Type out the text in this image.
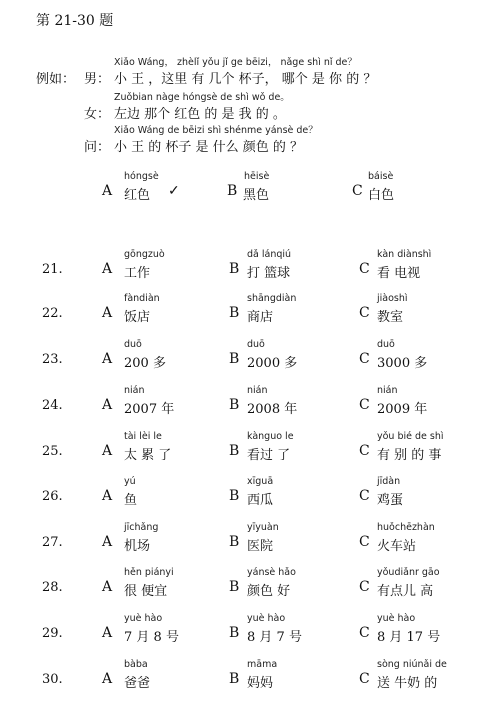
第 21-30 题
例如：
Xiǎo Wáng， zhèlǐ yǒu jǐ ge bēizi， nǎge shì nǐ de？
男： 小 王 ，这里 有 几个 杯子， 哪个 是 你 的 ？
Zuǒbian nàge hóngsè de shì wǒ de。
女： 左边 那个 红色 的 是 我 的 。
Xiǎo Wáng de bēizi shì shénme yánsè de？
问： 小 王 的 杯子 是 什么 颜色 的 ？
hóngsè
A 红色 ✓
hēisè
B 黑色
báisè
C 白色
21.
gōngzuò
A 工作
dǎ lánqiú
B 打 篮球
kàn diànshì
C 看 电视
22.
fàndiàn
A 饭店
shāngdiàn
B 商店
jiàoshì
C 教室
23.
duō
A 200 多
duō
B 2000 多
duō
C 3000 多
24.
nián
A 2007 年
nián
B 2008 年
nián
C 2009 年
25.
tài lèi le
A 太 累 了
kànguo le
B 看过 了
yǒu bié de shì
C 有 别 的 事
26.
yú
A 鱼
xīguā
B 西瓜
jīdàn
C 鸡蛋
27.
jīchǎng
A 机场
yīyuàn
B 医院
huǒchēzhàn
C 火车站
28.
hěn piányi
A 很 便宜
yánsè hǎo
B 颜色 好
yǒudiǎnr gāo
C 有点儿 高
29.
yuè hào
A 7 月 8 号
yuè hào
B 8 月 7 号
yuè hào
C 8 月 17 号
30.
bàba
A 爸爸
māma
B 妈妈
sòng niúnǎi de
C 送 牛奶 的
